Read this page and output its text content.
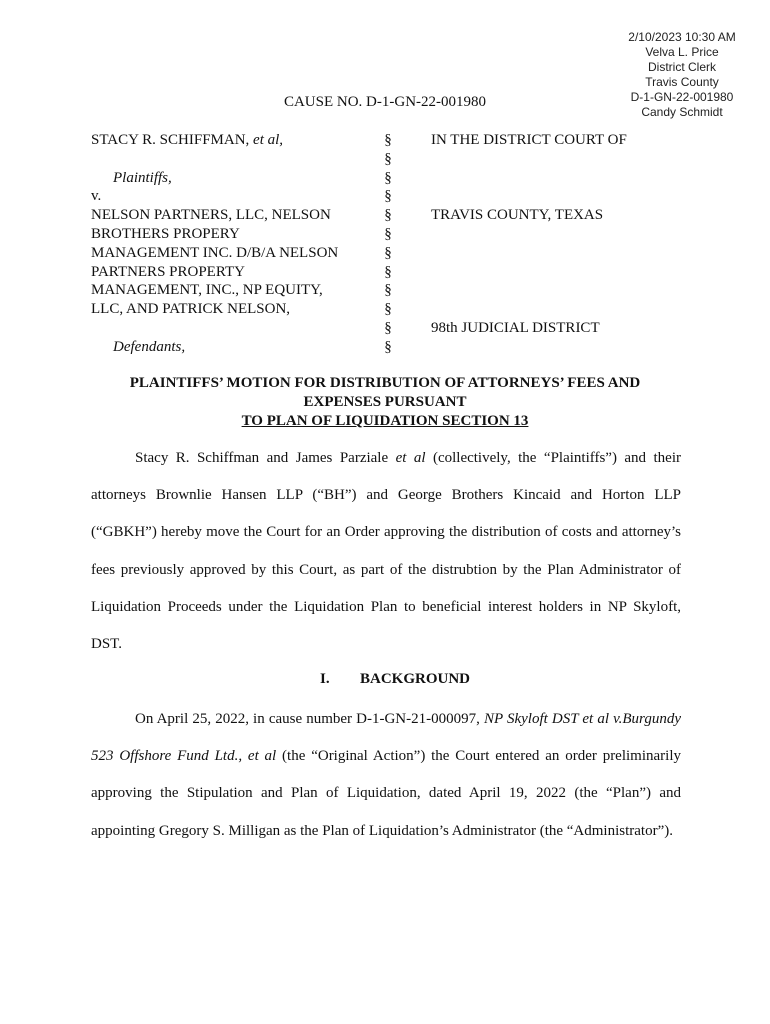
2/10/2023 10:30 AM
Velva L. Price
District Clerk
Travis County
D-1-GN-22-001980
Candy Schmidt
CAUSE NO. D-1-GN-22-001980
STACY R. SCHIFFMAN, et al,
Plaintiffs,
v.
NELSON PARTNERS, LLC, NELSON
BROTHERS PROPERY
MANAGEMENT INC. D/B/A NELSON
PARTNERS PROPERTY
MANAGEMENT, INC., NP EQUITY,
LLC, AND PATRICK NELSON,
Defendants,
§
§
§
§
§
§
§
§
§
§
§
§
IN THE DISTRICT COURT OF
TRAVIS COUNTY, TEXAS
98th JUDICIAL DISTRICT
PLAINTIFFS’ MOTION FOR DISTRIBUTION OF ATTORNEYS’ FEES AND
EXPENSES PURSUANT
TO PLAN OF LIQUIDATION SECTION 13

Stacy R. Schiffman and James Parziale et al (collectively, the “Plaintiffs”) and their attorneys Brownlie Hansen LLP (“BH”) and George Brothers Kincaid and Horton LLP (“GBKH”) hereby move the Court for an Order approving the distribution of costs and attorney’s fees previously approved by this Court, as part of the distrubtion by the Plan Administrator of Liquidation Proceeds under the Liquidation Plan to beneficial interest holders in NP Skyloft, DST.

I. BACKGROUND

On April 25, 2022, in cause number D-1-GN-21-000097, NP Skyloft DST et al v.Burgundy 523 Offshore Fund Ltd., et al (the “Original Action”) the Court entered an order preliminarily approving the Stipulation and Plan of Liquidation, dated April 19, 2022 (the “Plan”) and appointing Gregory S. Milligan as the Plan of Liquidation’s Administrator (the “Administrator”).
